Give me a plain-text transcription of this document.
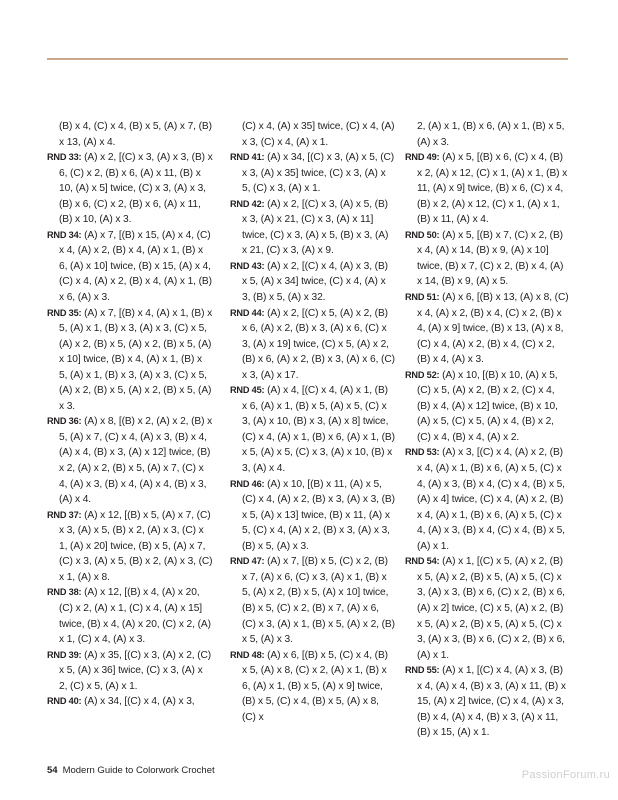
(B) x 4, (C) x 4, (B) x 5, (A) x 7, (B) x 13, (A) x 4.

RND 33: (A) x 2, [(C) x 3, (A) x 3, (B) x 6, (C) x 2, (B) x 6, (A) x 11, (B) x 10, (A) x 5] twice, (C) x 3, (A) x 3, (B) x 6, (C) x 2, (B) x 6, (A) x 11, (B) x 10, (A) x 3.

RND 34: (A) x 7, [(B) x 15, (A) x 4, (C) x 4, (A) x 2, (B) x 4, (A) x 1, (B) x 6, (A) x 10] twice, (B) x 15, (A) x 4, (C) x 4, (A) x 2, (B) x 4, (A) x 1, (B) x 6, (A) x 3.

RND 35: (A) x 7, [(B) x 4, (A) x 1, (B) x 5, (A) x 1, (B) x 3, (A) x 3, (C) x 5, (A) x 2, (B) x 5, (A) x 2, (B) x 5, (A) x 10] twice, (B) x 4, (A) x 1, (B) x 5, (A) x 1, (B) x 3, (A) x 3, (C) x 5, (A) x 2, (B) x 5, (A) x 2, (B) x 5, (A) x 3.

RND 36: (A) x 8, [(B) x 2, (A) x 2, (B) x 5, (A) x 7, (C) x 4, (A) x 3, (B) x 4, (A) x 4, (B) x 3, (A) x 12] twice, (B) x 2, (A) x 2, (B) x 5, (A) x 7, (C) x 4, (A) x 3, (B) x 4, (A) x 4, (B) x 3, (A) x 4.

RND 37: (A) x 12, [(B) x 5, (A) x 7, (C) x 3, (A) x 5, (B) x 2, (A) x 3, (C) x 1, (A) x 20] twice, (B) x 5, (A) x 7, (C) x 3, (A) x 5, (B) x 2, (A) x 3, (C) x 1, (A) x 8.

RND 38: (A) x 12, [(B) x 4, (A) x 20, (C) x 2, (A) x 1, (C) x 4, (A) x 15] twice, (B) x 4, (A) x 20, (C) x 2, (A) x 1, (C) x 4, (A) x 3.

RND 39: (A) x 35, [(C) x 3, (A) x 2, (C) x 5, (A) x 36] twice, (C) x 3, (A) x 2, (C) x 5, (A) x 1.

RND 40: (A) x 34, [(C) x 4, (A) x 3,

(C) x 4, (A) x 35] twice, (C) x 4, (A) x 3, (C) x 4, (A) x 1.

RND 41: (A) x 34, [(C) x 3, (A) x 5, (C) x 3, (A) x 35] twice, (C) x 3, (A) x 5, (C) x 3, (A) x 1.

RND 42: (A) x 2, [(C) x 3, (A) x 5, (B) x 3, (A) x 21, (C) x 3, (A) x 11] twice, (C) x 3, (A) x 5, (B) x 3, (A) x 21, (C) x 3, (A) x 9.

RND 43: (A) x 2, [(C) x 4, (A) x 3, (B) x 5, (A) x 34] twice, (C) x 4, (A) x 3, (B) x 5, (A) x 32.

RND 44: (A) x 2, [(C) x 5, (A) x 2, (B) x 6, (A) x 2, (B) x 3, (A) x 6, (C) x 3, (A) x 19] twice, (C) x 5, (A) x 2, (B) x 6, (A) x 2, (B) x 3, (A) x 6, (C) x 3, (A) x 17.

RND 45: (A) x 4, [(C) x 4, (A) x 1, (B) x 6, (A) x 1, (B) x 5, (A) x 5, (C) x 3, (A) x 10, (B) x 3, (A) x 8] twice, (C) x 4, (A) x 1, (B) x 6, (A) x 1, (B) x 5, (A) x 5, (C) x 3, (A) x 10, (B) x 3, (A) x 4.

RND 46: (A) x 10, [(B) x 11, (A) x 5, (C) x 4, (A) x 2, (B) x 3, (A) x 3, (B) x 5, (A) x 13] twice, (B) x 11, (A) x 5, (C) x 4, (A) x 2, (B) x 3, (A) x 3, (B) x 5, (A) x 3.

RND 47: (A) x 7, [(B) x 5, (C) x 2, (B) x 7, (A) x 6, (C) x 3, (A) x 1, (B) x 5, (A) x 2, (B) x 5, (A) x 10] twice, (B) x 5, (C) x 2, (B) x 7, (A) x 6, (C) x 3, (A) x 1, (B) x 5, (A) x 2, (B) x 5, (A) x 3.

RND 48: (A) x 6, [(B) x 5, (C) x 4, (B) x 5, (A) x 8, (C) x 2, (A) x 1, (B) x 6, (A) x 1, (B) x 5, (A) x 9] twice, (B) x 5, (C) x 4, (B) x 5, (A) x 8, (C) x

2, (A) x 1, (B) x 6, (A) x 1, (B) x 5, (A) x 3.

RND 49: (A) x 5, [(B) x 6, (C) x 4, (B) x 2, (A) x 12, (C) x 1, (A) x 1, (B) x 11, (A) x 9] twice, (B) x 6, (C) x 4, (B) x 2, (A) x 12, (C) x 1, (A) x 1, (B) x 11, (A) x 4.

RND 50: (A) x 5, [(B) x 7, (C) x 2, (B) x 4, (A) x 14, (B) x 9, (A) x 10] twice, (B) x 7, (C) x 2, (B) x 4, (A) x 14, (B) x 9, (A) x 5.

RND 51: (A) x 6, [(B) x 13, (A) x 8, (C) x 4, (A) x 2, (B) x 4, (C) x 2, (B) x 4, (A) x 9] twice, (B) x 13, (A) x 8, (C) x 4, (A) x 2, (B) x 4, (C) x 2, (B) x 4, (A) x 3.

RND 52: (A) x 10, [(B) x 10, (A) x 5, (C) x 5, (A) x 2, (B) x 2, (C) x 4, (B) x 4, (A) x 12] twice, (B) x 10, (A) x 5, (C) x 5, (A) x 4, (B) x 2, (C) x 4, (B) x 4, (A) x 2.

RND 53: (A) x 3, [(C) x 4, (A) x 2, (B) x 4, (A) x 1, (B) x 6, (A) x 5, (C) x 4, (A) x 3, (B) x 4, (C) x 4, (B) x 5, (A) x 4] twice, (C) x 4, (A) x 2, (B) x 4, (A) x 1, (B) x 6, (A) x 5, (C) x 4, (A) x 3, (B) x 4, (C) x 4, (B) x 5, (A) x 1.

RND 54: (A) x 1, [(C) x 5, (A) x 2, (B) x 5, (A) x 2, (B) x 5, (A) x 5, (C) x 3, (A) x 3, (B) x 6, (C) x 2, (B) x 6, (A) x 2] twice, (C) x 5, (A) x 2, (B) x 5, (A) x 2, (B) x 5, (A) x 5, (C) x 3, (A) x 3, (B) x 6, (C) x 2, (B) x 6, (A) x 1.

RND 55: (A) x 1, [(C) x 4, (A) x 3, (B) x 4, (A) x 4, (B) x 3, (A) x 11, (B) x 15, (A) x 2] twice, (C) x 4, (A) x 3, (B) x 4, (A) x 4, (B) x 3, (A) x 11, (B) x 15, (A) x 1.

54 Modern Guide to Colorwork Crochet	PassionForum.ru
